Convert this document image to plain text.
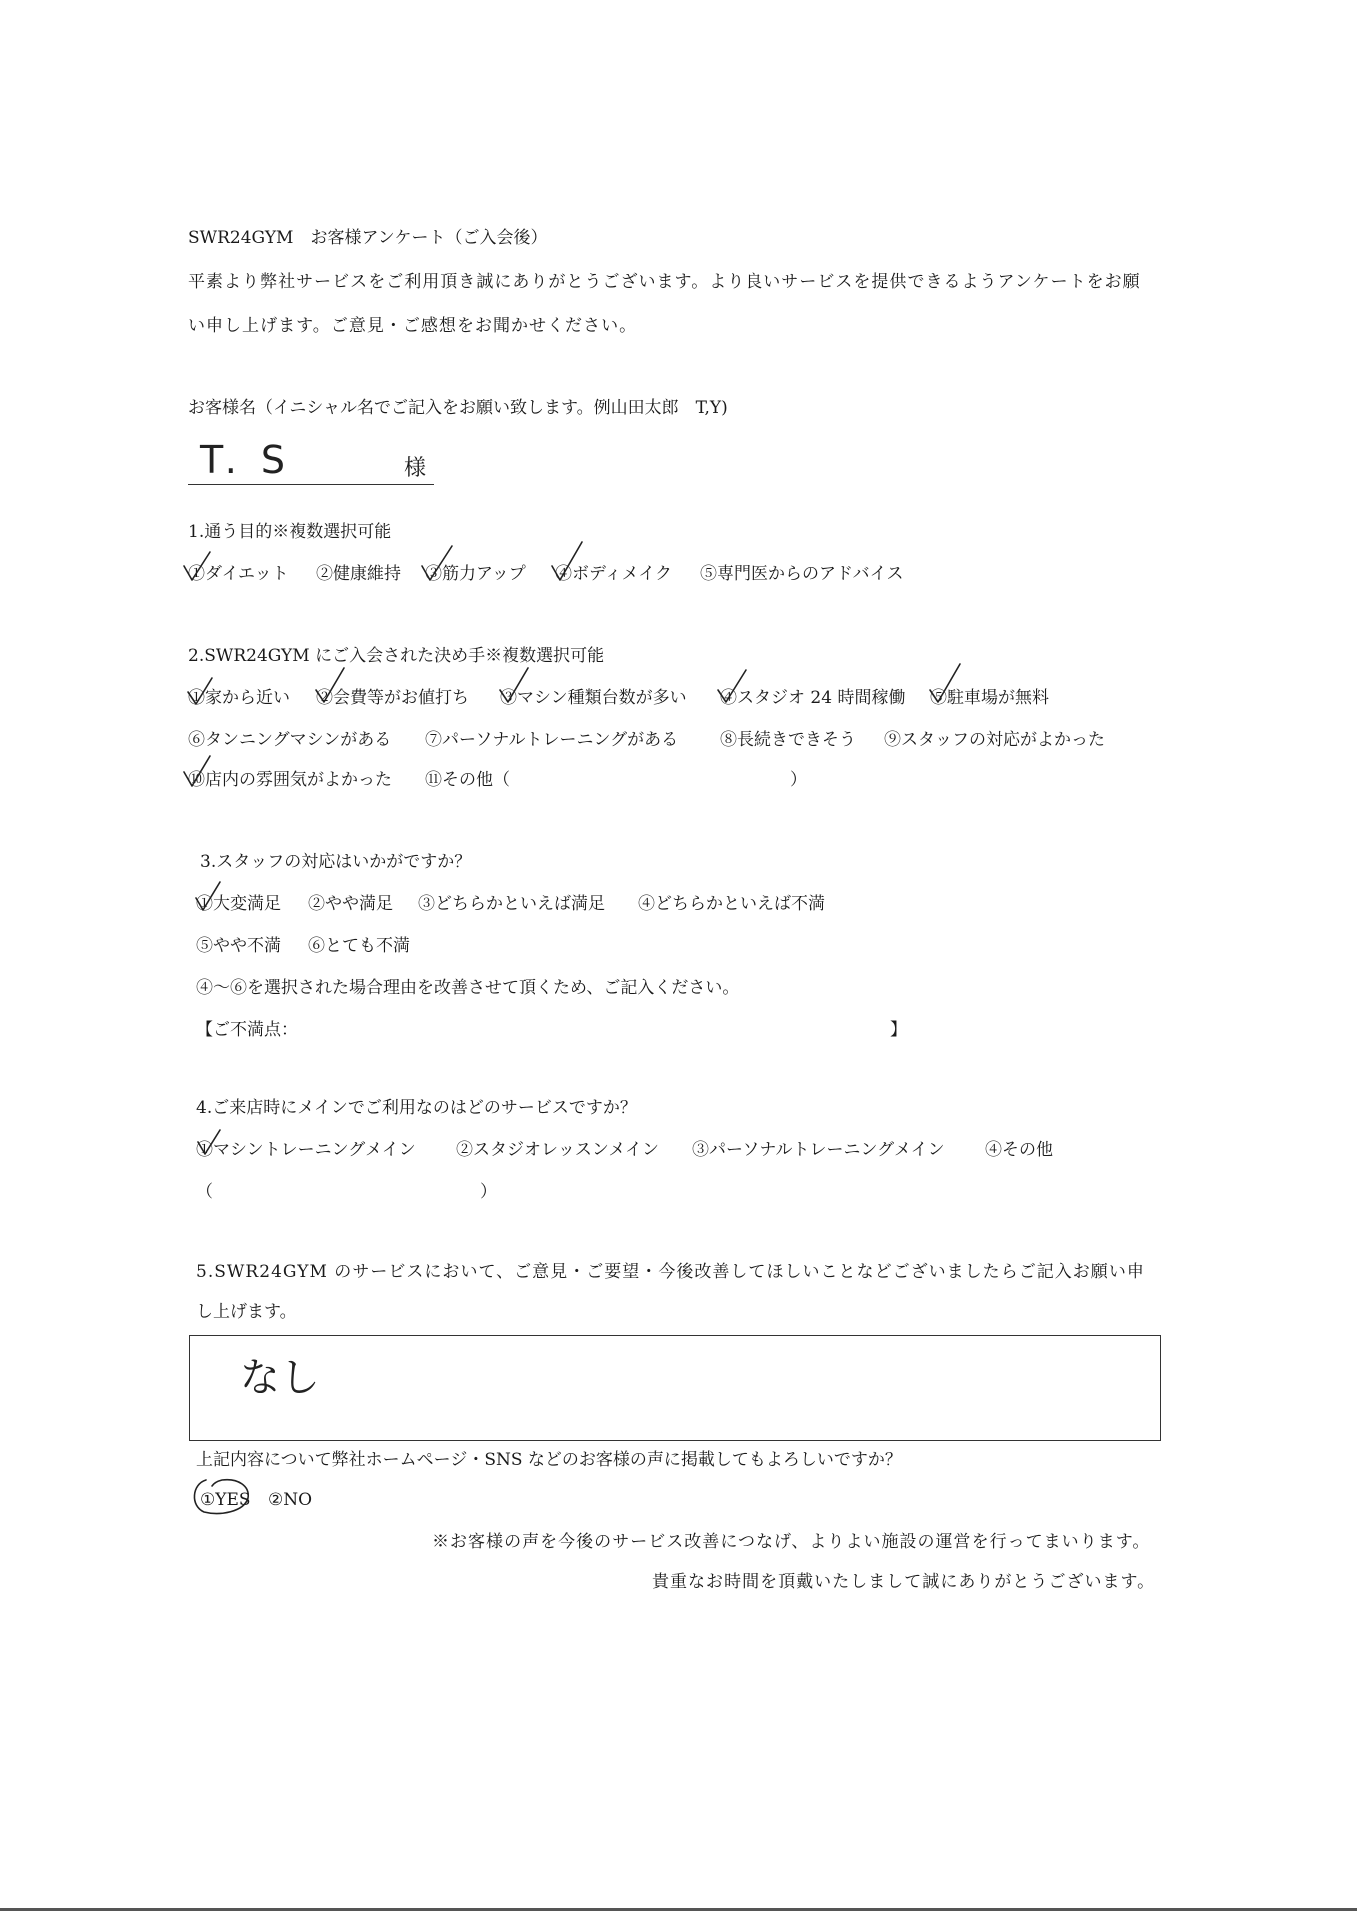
SWR24GYM　お客様アンケート（ご入会後）
平素より弊社サービスをご利用頂き誠にありがとうございます。より良いサービスを提供できるようアンケートをお願
い申し上げます。ご意見・ご感想をお聞かせください。
お客様名（イニシャル名でご記入をお願い致します。例山田太郎　T,Y)
T. S	様
1.通う目的※複数選択可能
①ダイエット ②健康維持 ③筋力アップ ④ボディメイク ⑤専門医からのアドバイス
2.SWR24GYM にご入会された決め手※複数選択可能
①家から近い ②会費等がお値打ち ③マシン種類台数が多い ④スタジオ 24 時間稼働 ⑤駐車場が無料
⑥タンニングマシンがある ⑦パーソナルトレーニングがある ⑧長続きできそう ⑨スタッフの対応がよかった
⑩店内の雰囲気がよかった ⑪その他（	）
3.スタッフの対応はいかがですか？
①大変満足 ②やや満足 ③どちらかといえば満足 ④どちらかといえば不満
⑤やや不満 ⑥とても不満
④～⑥を選択された場合理由を改善させて頂くため、ご記入ください。
【ご不満点：	】
4.ご来店時にメインでご利用なのはどのサービスですか？
①マシントレーニングメイン ②スタジオレッスンメイン ③パーソナルトレーニングメイン ④その他
（	）
5.SWR24GYM のサービスにおいて、ご意見・ご要望・今後改善してほしいことなどございましたらご記入お願い申
し上げます。
なし
上記内容について弊社ホームページ・SNS などのお客様の声に掲載してもよろしいですか？
①YES ②NO
※お客様の声を今後のサービス改善につなげ、よりよい施設の運営を行ってまいります。
貴重なお時間を頂戴いたしまして誠にありがとうございます。
